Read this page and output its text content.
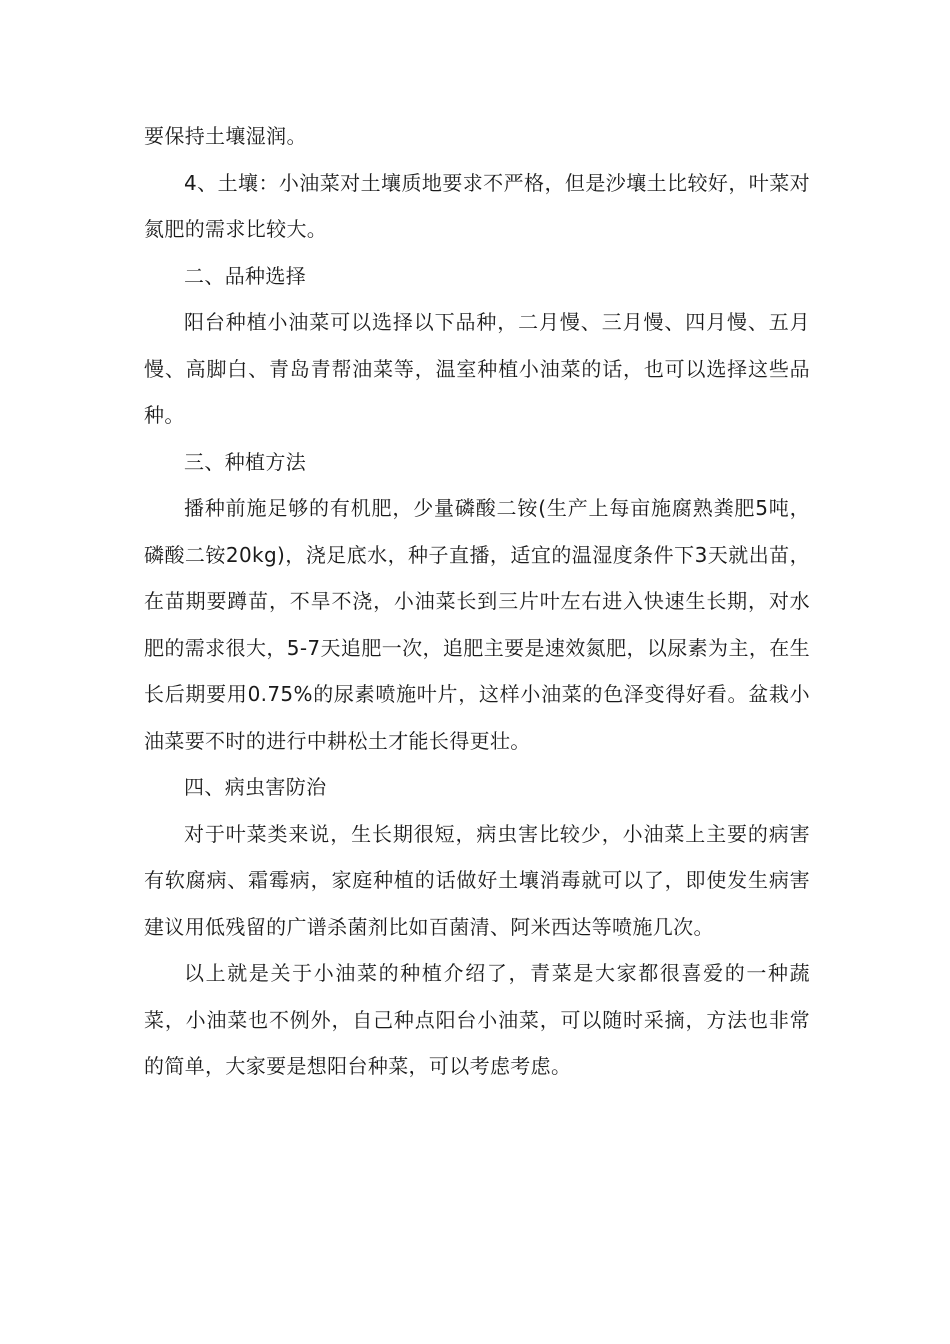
要保持土壤湿润。

4、土壤：小油菜对土壤质地要求不严格，但是沙壤土比较好，叶菜对氮肥的需求比较大。

二、品种选择

阳台种植小油菜可以选择以下品种，二月慢、三月慢、四月慢、五月慢、高脚白、青岛青帮油菜等，温室种植小油菜的话，也可以选择这些品种。

三、种植方法

播种前施足够的有机肥，少量磷酸二铵(生产上每亩施腐熟粪肥5吨，磷酸二铵20kg)，浇足底水，种子直播，适宜的温湿度条件下3天就出苗，在苗期要蹲苗，不旱不浇，小油菜长到三片叶左右进入快速生长期，对水肥的需求很大，5-7天追肥一次，追肥主要是速效氮肥，以尿素为主，在生长后期要用0.75%的尿素喷施叶片，这样小油菜的色泽变得好看。盆栽小油菜要不时的进行中耕松土才能长得更壮。

四、病虫害防治

对于叶菜类来说，生长期很短，病虫害比较少，小油菜上主要的病害有软腐病、霜霉病，家庭种植的话做好土壤消毒就可以了，即使发生病害建议用低残留的广谱杀菌剂比如百菌清、阿米西达等喷施几次。

以上就是关于小油菜的种植介绍了，青菜是大家都很喜爱的一种蔬菜，小油菜也不例外，自己种点阳台小油菜，可以随时采摘，方法也非常的简单，大家要是想阳台种菜，可以考虑考虑。
